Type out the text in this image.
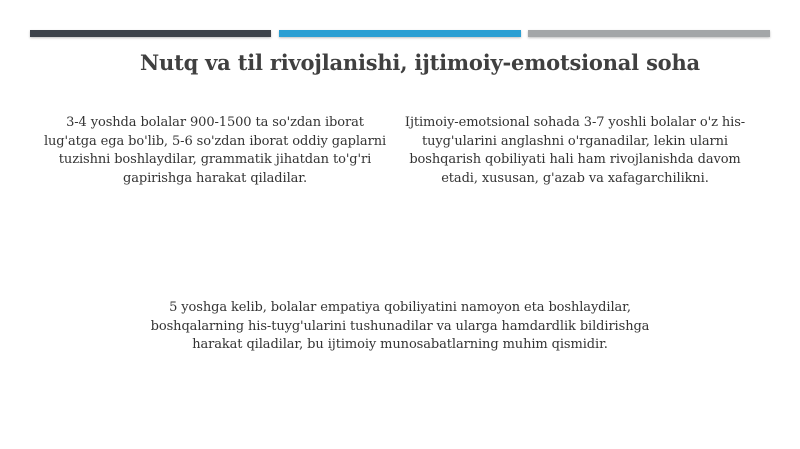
Nutq va til rivojlanishi, ijtimoiy-emotsional soha
3-4 yoshda bolalar 900-1500 ta so'zdan iborat lug'atga ega bo'lib, 5-6 so'zdan iborat oddiy gaplarni tuzishni boshlaydilar, grammatik jihatdan to'g'ri gapirishga harakat qiladilar.
Ijtimoiy-emotsional sohada 3-7 yoshli bolalar o'z his-tuyg'ularini anglashni o'rganadilar, lekin ularni boshqarish qobiliyati hali ham rivojlanishda davom etadi, xususan, g'azab va xafagarchilikni.
5 yoshga kelib, bolalar empatiya qobiliyatini namoyon eta boshlaydilar, boshqalarning his-tuyg'ularini tushunadilar va ularga hamdardlik bildirishga harakat qiladilar, bu ijtimoiy munosabatlarning muhim qismidir.
